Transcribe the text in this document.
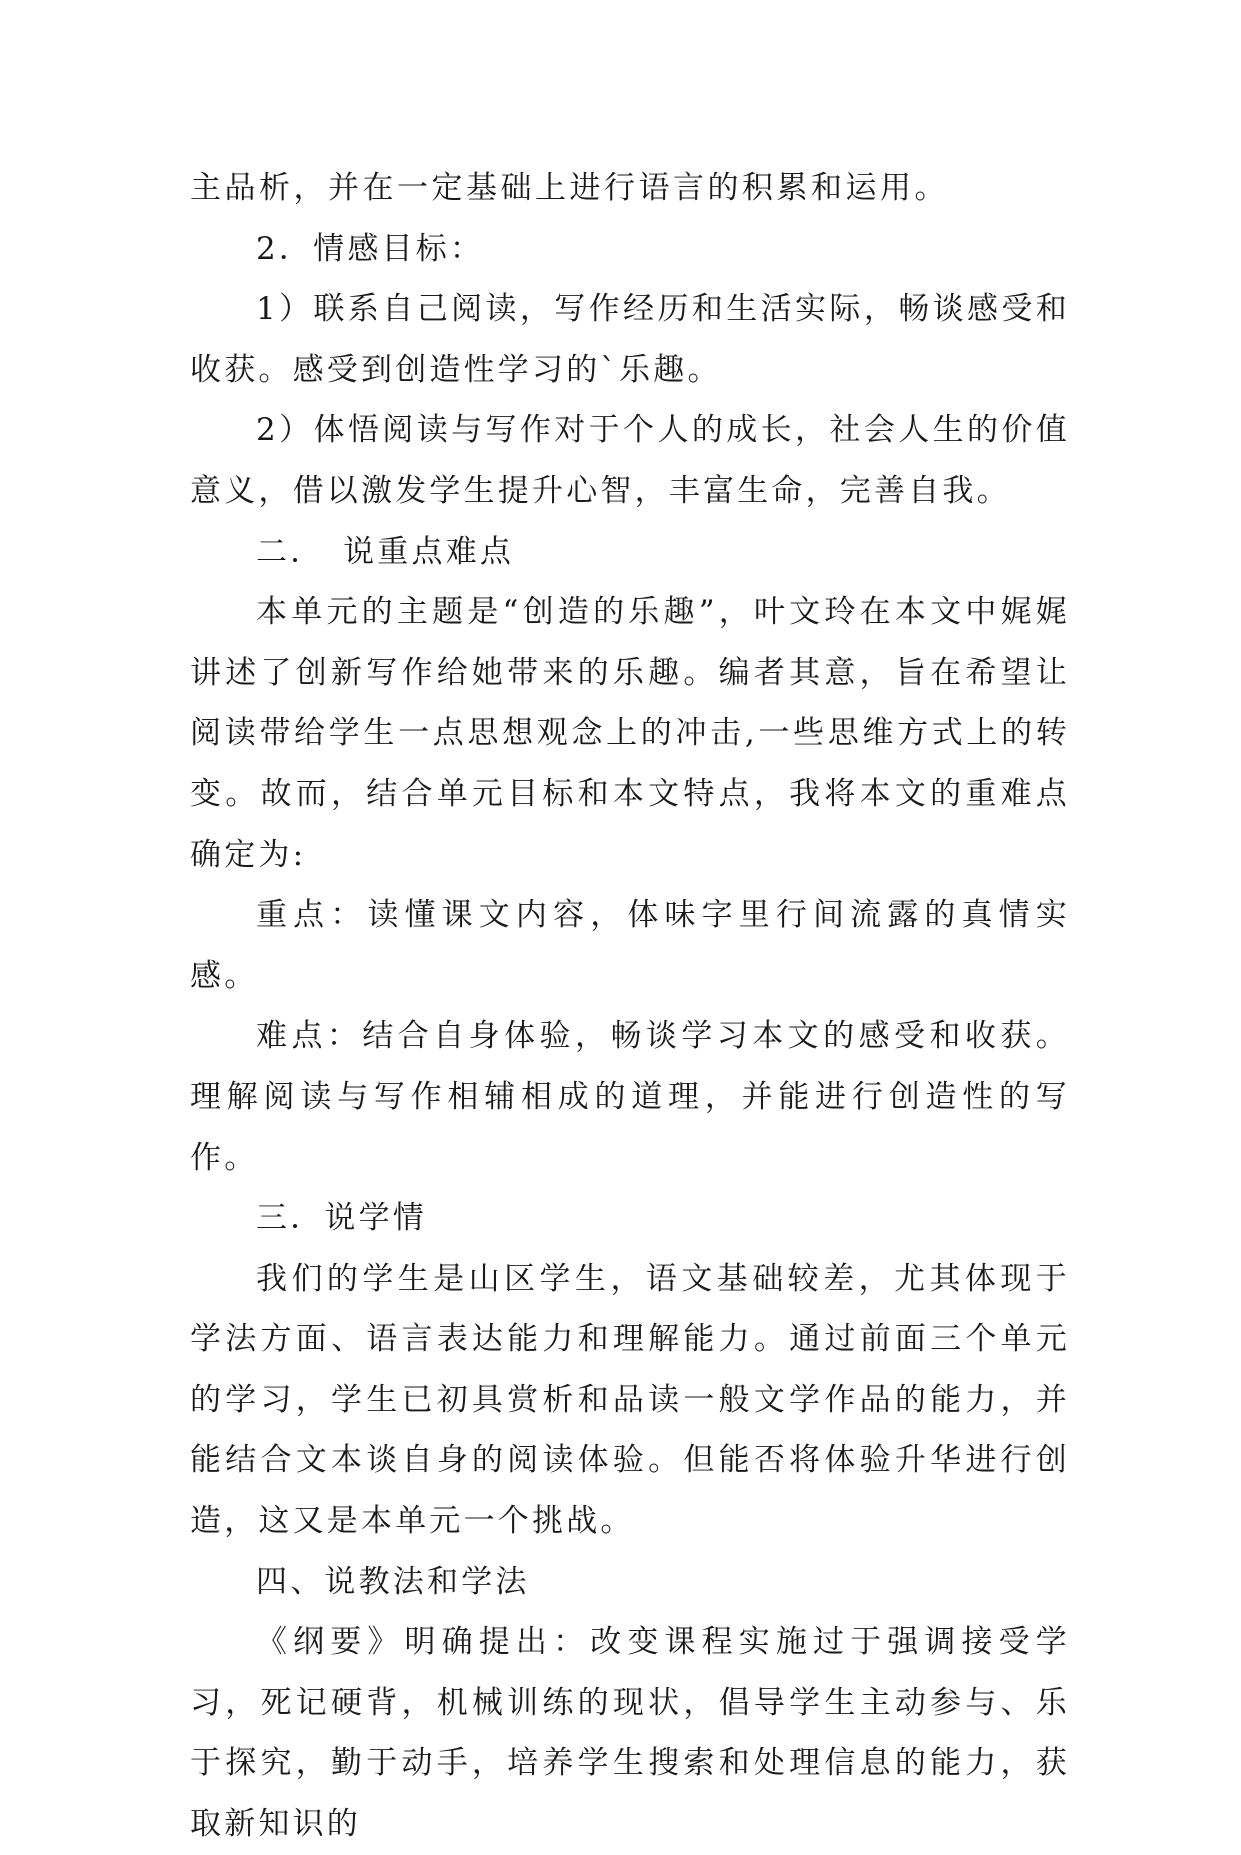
主品析，并在一定基础上进行语言的积累和运用。

2．情感目标：

1）联系自己阅读，写作经历和生活实际，畅谈感受和收获。感受到创造性学习的`乐趣。

2）体悟阅读与写作对于个人的成长，社会人生的价值意义，借以激发学生提升心智，丰富生命，完善自我。

二．　说重点难点

本单元的主题是“创造的乐趣”，叶文玲在本文中娓娓讲述了创新写作给她带来的乐趣。编者其意，旨在希望让阅读带给学生一点思想观念上的冲击,一些思维方式上的转变。故而，结合单元目标和本文特点，我将本文的重难点确定为:

重点：读懂课文内容，体味字里行间流露的真情实感。

难点：结合自身体验，畅谈学习本文的感受和收获。理解阅读与写作相辅相成的道理，并能进行创造性的写作。

三．说学情

我们的学生是山区学生，语文基础较差，尤其体现于学法方面、语言表达能力和理解能力。通过前面三个单元的学习，学生已初具赏析和品读一般文学作品的能力，并能结合文本谈自身的阅读体验。但能否将体验升华进行创造，这又是本单元一个挑战。

四、说教法和学法

《纲要》明确提出：改变课程实施过于强调接受学习，死记硬背，机械训练的现状，倡导学生主动参与、乐于探究，勤于动手，培养学生搜索和处理信息的能力，获取新知识的
